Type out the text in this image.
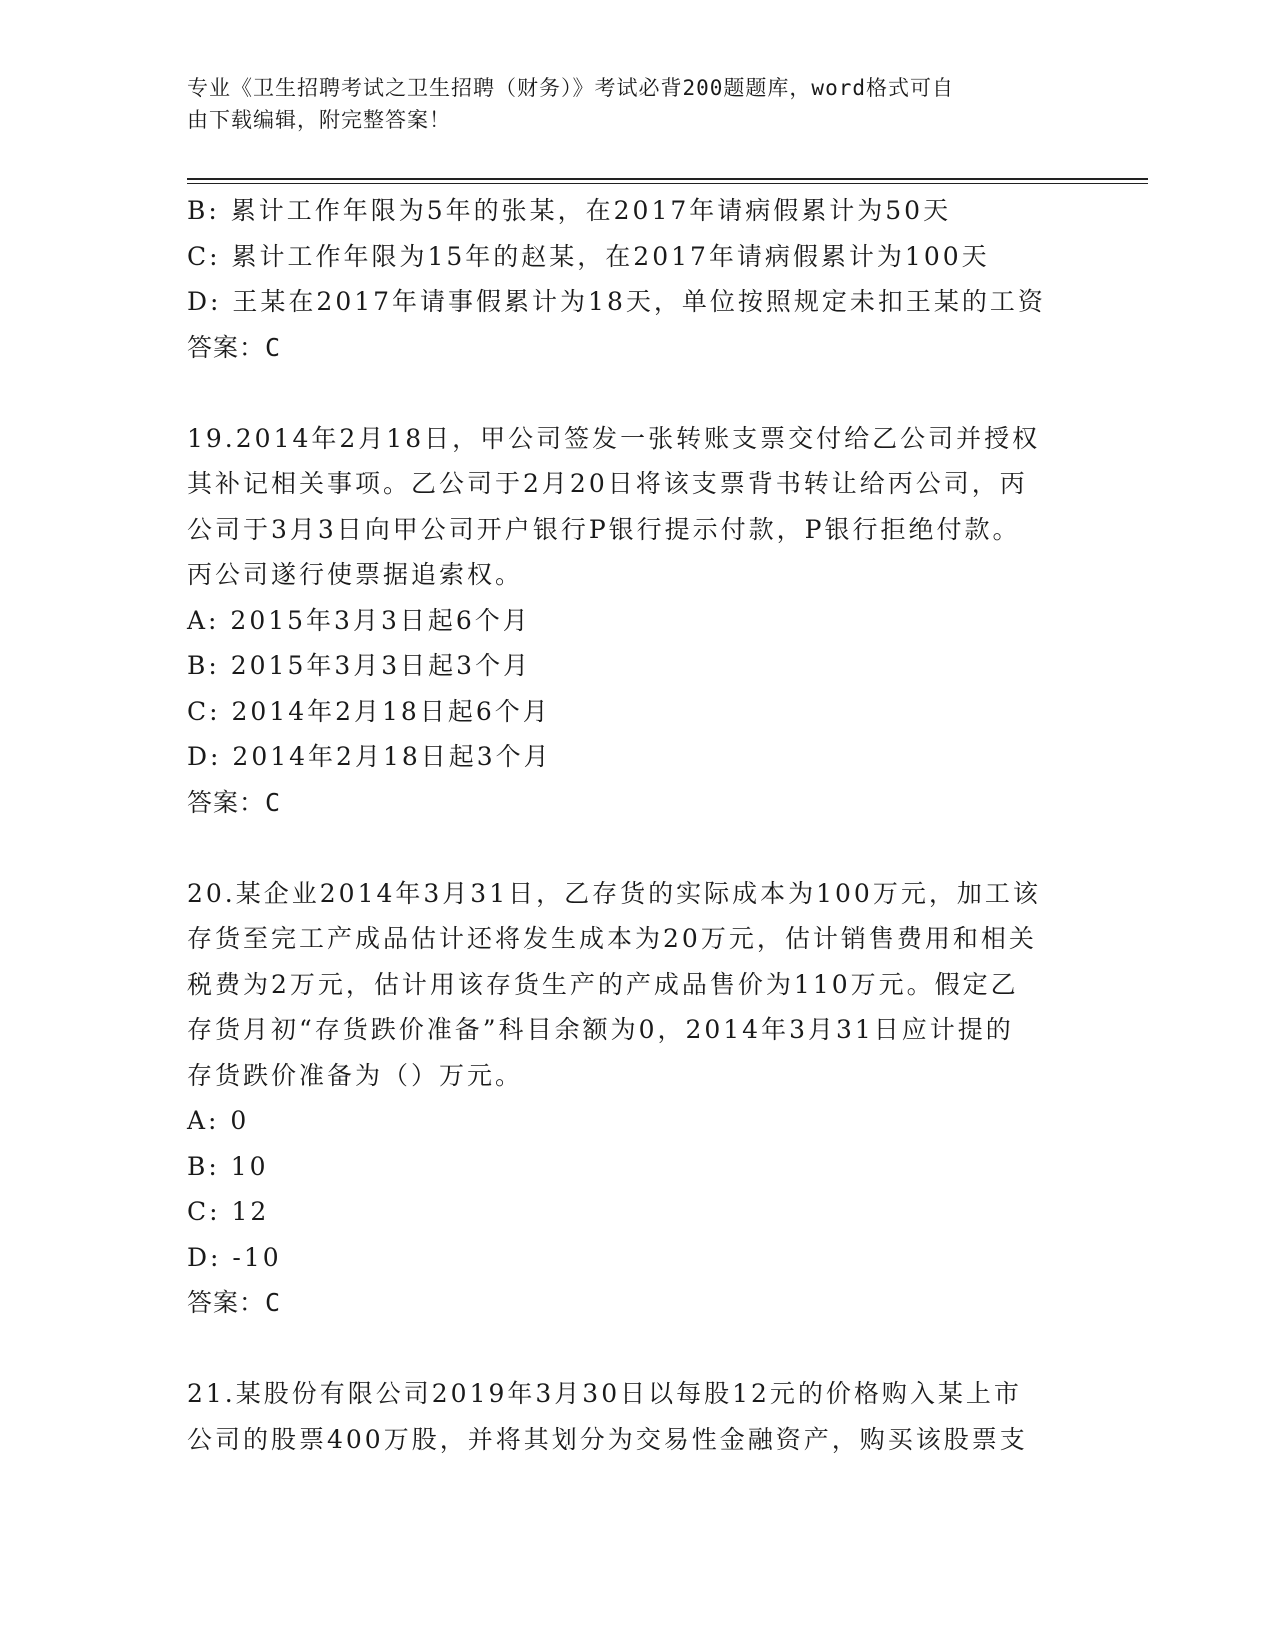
专业《卫生招聘考试之卫生招聘（财务）》考试必背200题题库，word格式可自
由下载编辑，附完整答案！
B: 累计工作年限为5年的张某，在2017年请病假累计为50天
C: 累计工作年限为15年的赵某，在2017年请病假累计为100天
D: 王某在2017年请事假累计为18天，单位按照规定未扣王某的工资
答案：C
19.2014年2月18日，甲公司签发一张转账支票交付给乙公司并授权
其补记相关事项。乙公司于2月20日将该支票背书转让给丙公司，丙
公司于3月3日向甲公司开户银行P银行提示付款，P银行拒绝付款。
丙公司遂行使票据追索权。
A: 2015年3月3日起6个月
B: 2015年3月3日起3个月
C: 2014年2月18日起6个月
D: 2014年2月18日起3个月
答案：C
20.某企业2014年3月31日，乙存货的实际成本为100万元，加工该
存货至完工产成品估计还将发生成本为20万元，估计销售费用和相关
税费为2万元，估计用该存货生产的产成品售价为110万元。假定乙
存货月初“存货跌价准备”科目余额为0，2014年3月31日应计提的
存货跌价准备为（）万元。
A: 0
B: 10
C: 12
D: -10
答案：C
21.某股份有限公司2019年3月30日以每股12元的价格购入某上市
公司的股票400万股，并将其划分为交易性金融资产，购买该股票支
